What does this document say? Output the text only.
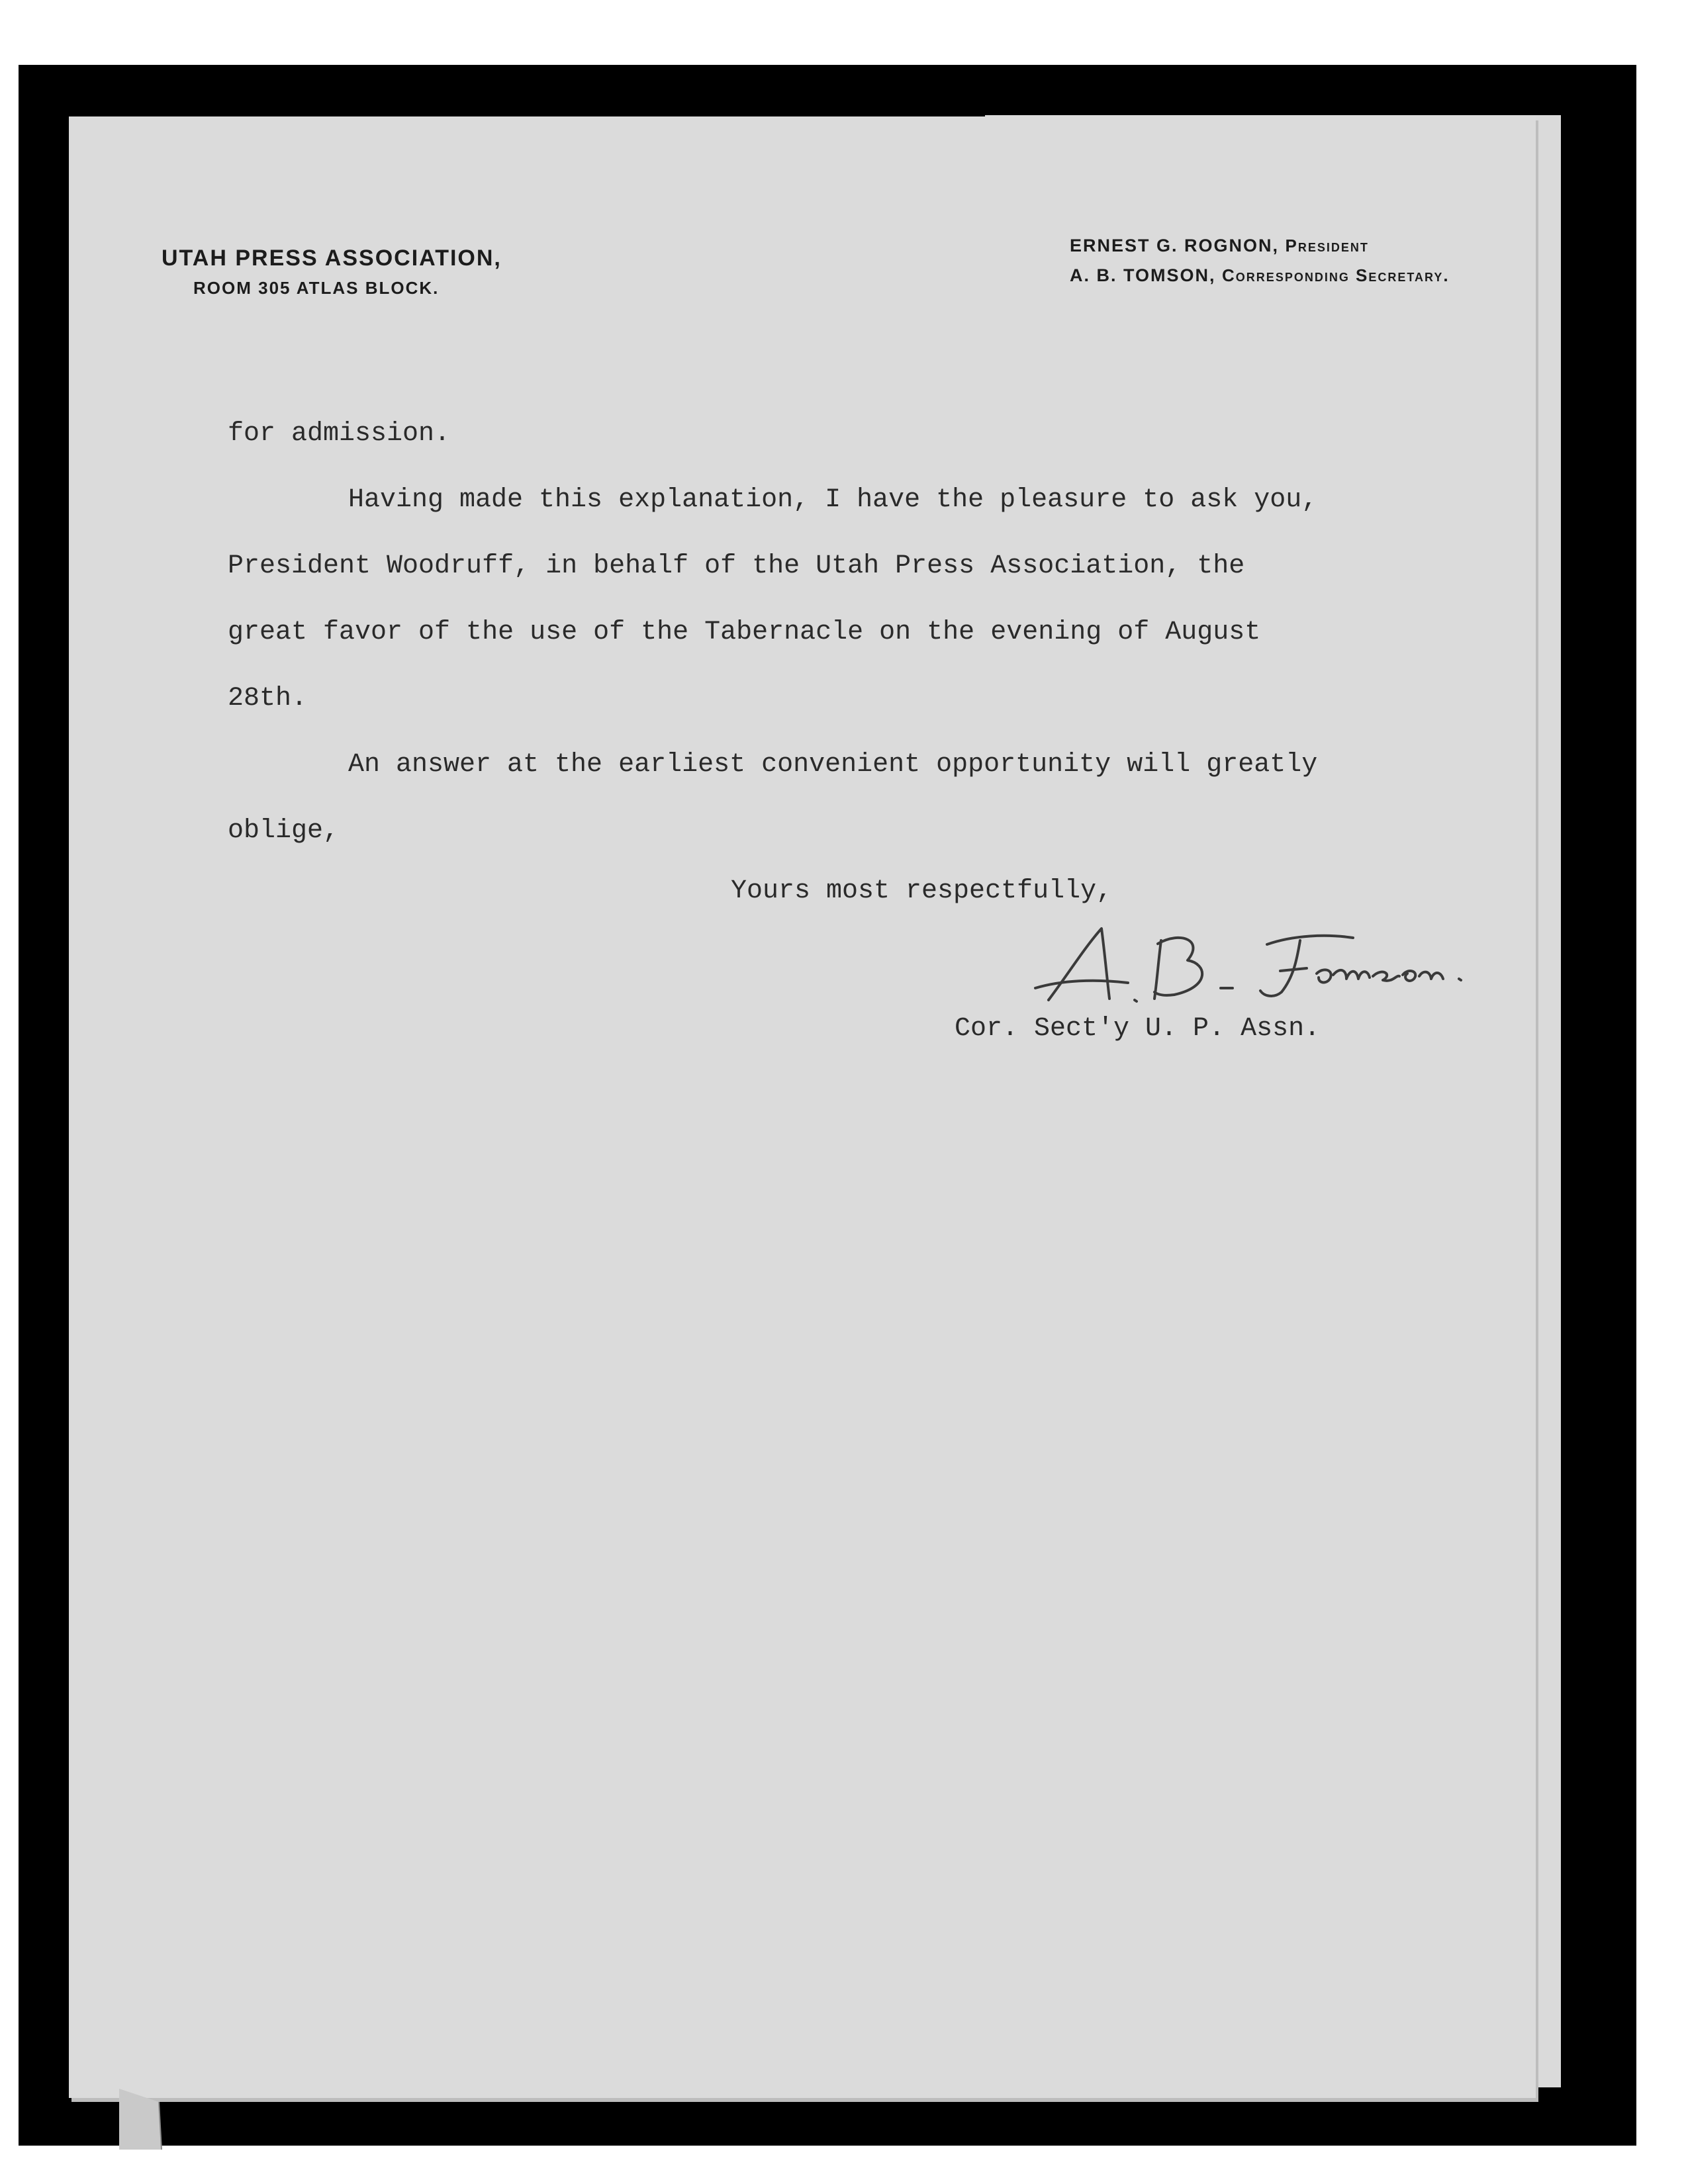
UTAH PRESS ASSOCIATION,
ROOM 305 ATLAS BLOCK.
ERNEST G. ROGNON, President
A. B. TOMSON, Corresponding Secretary.

for admission.

Having made this explanation, I have the pleasure to ask you,

President Woodruff, in behalf of the Utah Press Association, the

great favor of the use of the Tabernacle on the evening of August

28th.

An answer at the earliest convenient opportunity will greatly

oblige,

Yours most respectfully,
Cor. Sect'y U. P. Assn.
